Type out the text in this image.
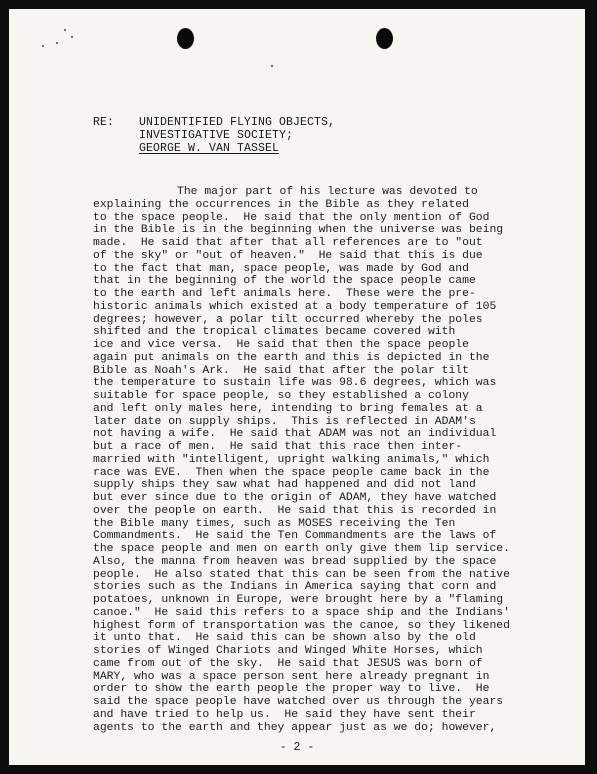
RE:	UNIDENTIFIED FLYING OBJECTS,
INVESTIGATIVE SOCIETY;
GEORGE W. VAN TASSEL
The major part of his lecture was devoted to
explaining the occurrences in the Bible as they related
to the space people.  He said that the only mention of God
in the Bible is in the beginning when the universe was being
made.  He said that after that all references are to "out
of the sky" or "out of heaven."  He said that this is due
to the fact that man, space people, was made by God and
that in the beginning of the world the space people came
to the earth and left animals here.  These were the pre-
historic animals which existed at a body temperature of 105
degrees; however, a polar tilt occurred whereby the poles
shifted and the tropical climates became covered with
ice and vice versa.  He said that then the space people
again put animals on the earth and this is depicted in the
Bible as Noah's Ark.  He said that after the polar tilt
the temperature to sustain life was 98.6 degrees, which was
suitable for space people, so they established a colony
and left only males here, intending to bring females at a
later date on supply ships.  This is reflected in ADAM's
not having a wife.  He said that ADAM was not an individual
but a race of men.  He said that this race then inter-
married with "intelligent, upright walking animals," which
race was EVE.  Then when the space people came back in the
supply ships they saw what had happened and did not land
but ever since due to the origin of ADAM, they have watched
over the people on earth.  He said that this is recorded in
the Bible many times, such as MOSES receiving the Ten
Commandments.  He said the Ten Commandments are the laws of
the space people and men on earth only give them lip service.
Also, the manna from heaven was bread supplied by the space
people.  He also stated that this can be seen from the native
stories such as the Indians in America saying that corn and
potatoes, unknown in Europe, were brought here by a "flaming
canoe."  He said this refers to a space ship and the Indians'
highest form of transportation was the canoe, so they likened
it unto that.  He said this can be shown also by the old
stories of Winged Chariots and Winged White Horses, which
came from out of the sky.  He said that JESUS was born of
MARY, who was a space person sent here already pregnant in
order to show the earth people the proper way to live.  He
said the space people have watched over us through the years
and have tried to help us.  He said they have sent their
agents to the earth and they appear just as we do; however,
- 2 -
